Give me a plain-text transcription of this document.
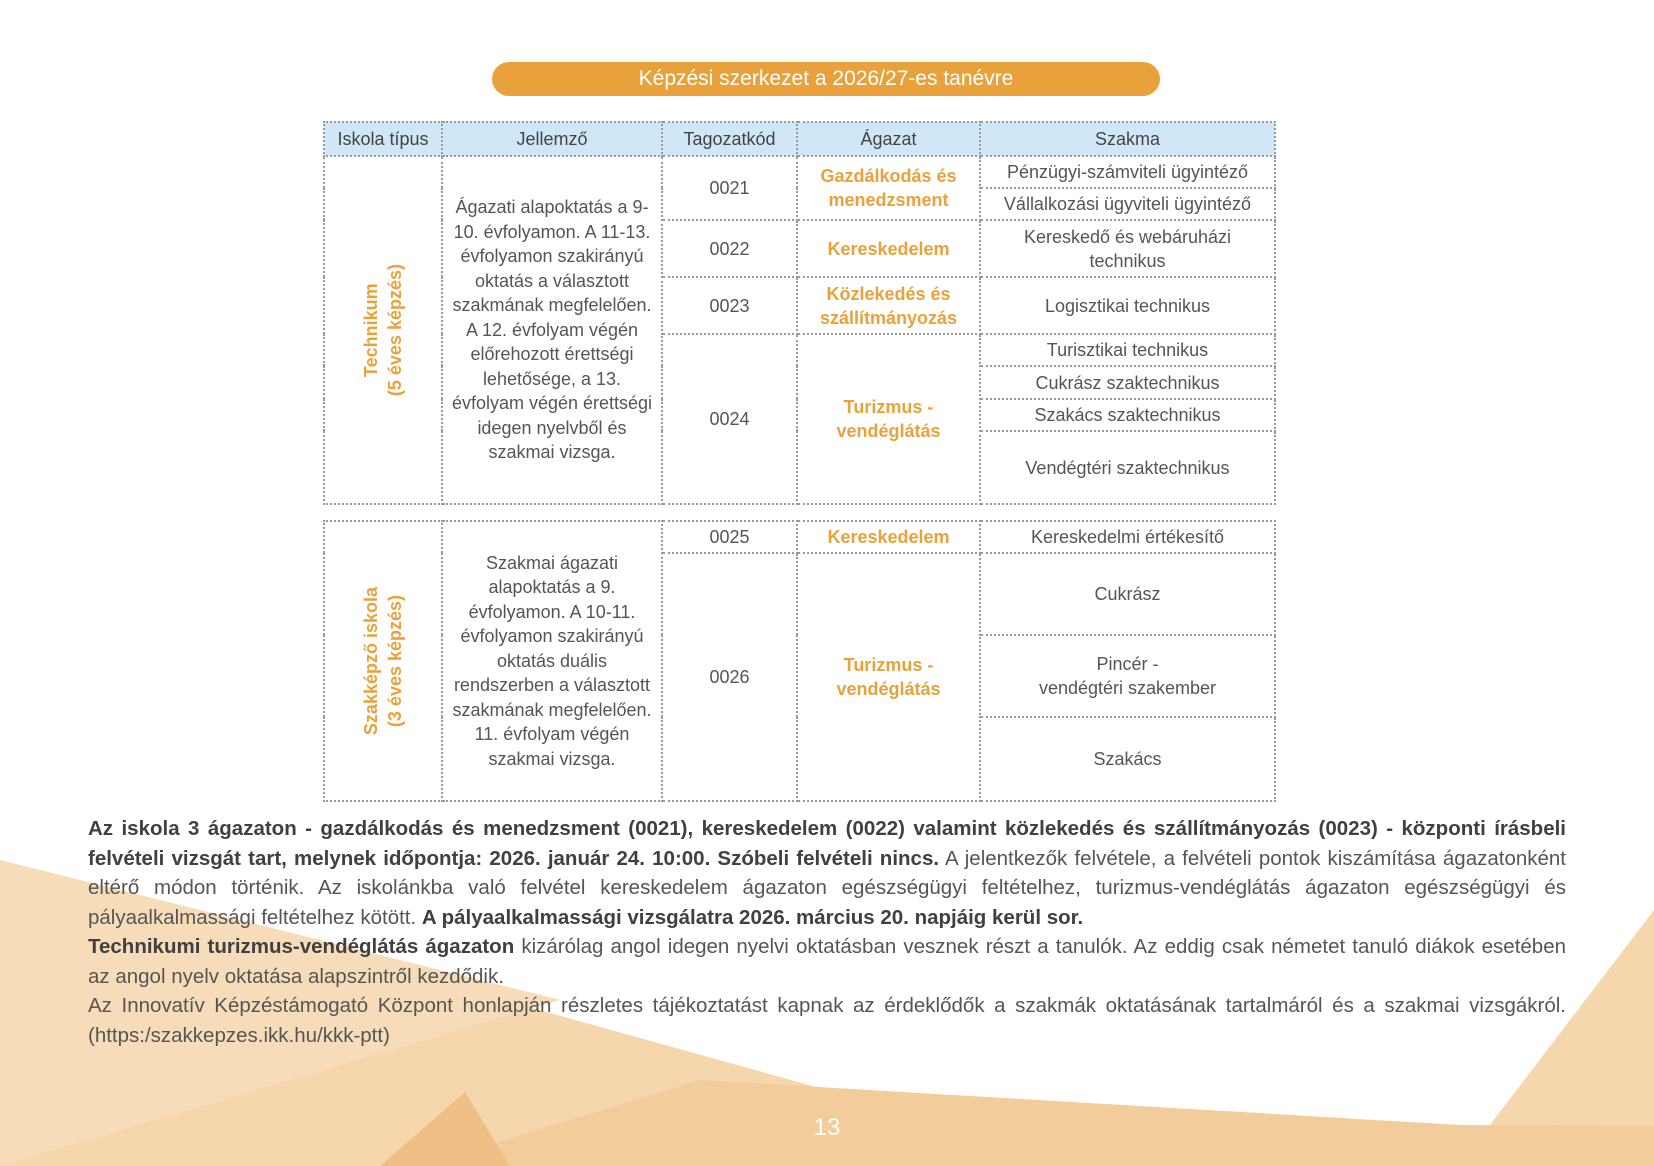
Képzési szerkezet a 2026/27-es tanévre
Iskola típus	Jellemző	Tagozatkód	Ágazat	Szakma

Technikum (5 éves képzés)	Ágazati alapoktatás a 9-10. évfolyamon. A 11-13. évfolyamon szakirányú oktatás a választott szakmának megfelelően. A 12. évfolyam végén előrehozott érettségi lehetősége, a 13. évfolyam végén érettségi idegen nyelvből és szakmai vizsga.	0021	Gazdálkodás és menedzsment	Pénzügyi-számviteli ügyintéző
				Vállalkozási ügyviteli ügyintéző
		0022	Kereskedelem	Kereskedő és webáruházi technikus
		0023	Közlekedés és szállítmányozás	Logisztikai technikus
		0024	Turizmus - vendéglátás	Turisztikai technikus
				Cukrász szaktechnikus
				Szakács szaktechnikus
				Vendégtéri szaktechnikus
Szakképző iskola (3 éves képzés)	Szakmai ágazati alapoktatás a 9. évfolyamon. A 10-11. évfolyamon szakirányú oktatás duális rendszerben a választott szakmának megfelelően. 11. évfolyam végén szakmai vizsga.	0025	Kereskedelem	Kereskedelmi értékesítő
		0026	Turizmus - vendéglátás	Cukrász
				Pincér -
vendégtéri szakember
				Szakács

Az iskola 3 ágazaton - gazdálkodás és menedzsment (0021), kereskedelem (0022) valamint közlekedés és szállítmányozás (0023) - központi írásbeli felvételi vizsgát tart, melynek időpontja: 2026. január 24. 10:00. Szóbeli felvételi nincs. A jelentkezők felvétele, a felvételi pontok kiszámítása ágazatonként eltérő módon történik. Az iskolánkba való felvétel kereskedelem ágazaton egészségügyi feltételhez, turizmus-vendéglátás ágazaton egészségügyi és pályaalkalmassági feltételhez kötött. A pályaalkalmassági vizsgálatra 2026. március 20. napjáig kerül sor.

Technikumi turizmus-vendéglátás ágazaton kizárólag angol idegen nyelvi oktatásban vesznek részt a tanulók. Az eddig csak németet tanuló diákok esetében az angol nyelv oktatása alapszintről kezdődik.

Az Innovatív Képzéstámogató Központ honlapján részletes tájékoztatást kapnak az érdeklődők a szakmák oktatásának tartalmáról és a szakmai vizsgákról. (https:/szakkepzes.ikk.hu/kkk-ptt)

13
